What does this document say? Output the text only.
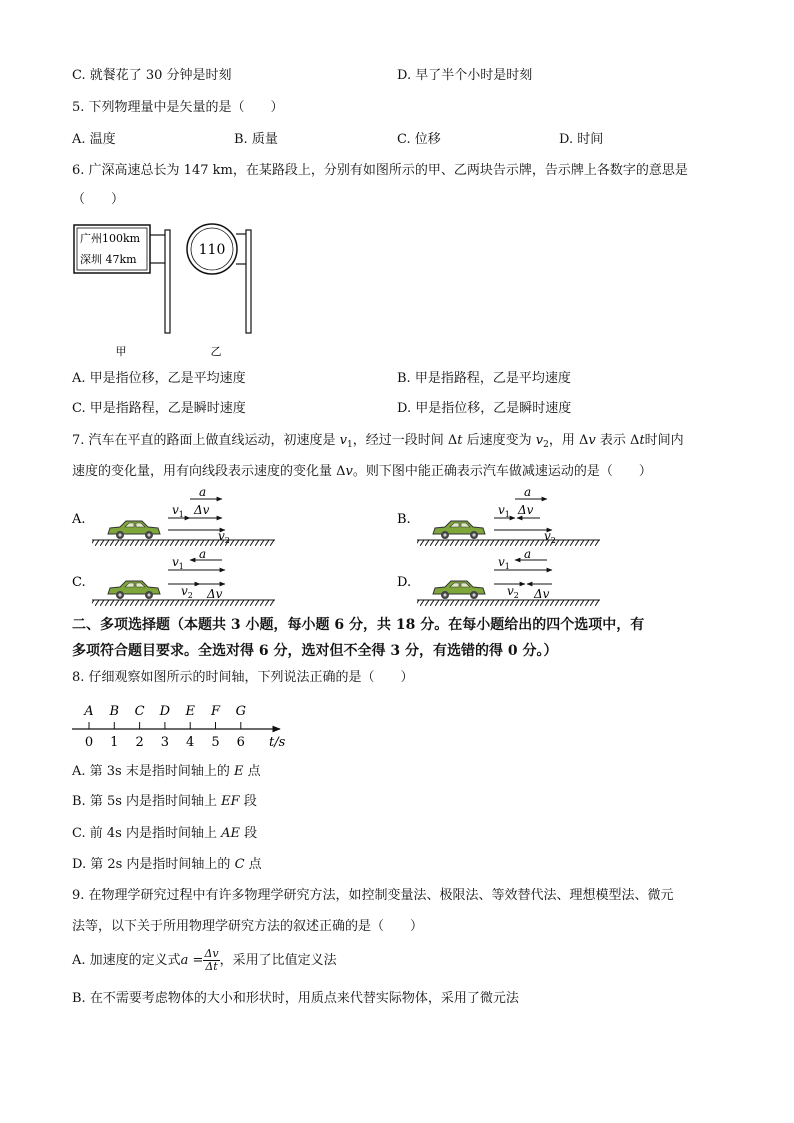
C. 就餐花了 30 分钟是时刻	D. 早了半个小时是时刻
5. 下列物理量中是矢量的是（　　）
A. 温度	B. 质量	C. 位移	D. 时间
6. 广深高速总长为 147 km，在某路段上，分别有如图所示的甲、乙两块告示牌，告示牌上各数字的意思是
（　　）
广州100km
深圳 47km
110
甲	乙
A. 甲是指位移，乙是平均速度	B. 甲是指路程，乙是平均速度
C. 甲是指路程，乙是瞬时速度	D. 甲是指位移，乙是瞬时速度
7. 汽车在平直的路面上做直线运动，初速度是 $v_1$，经过一段时间 Δt 后速度变为 $v_2$，用 Δv 表示 Δt时间内
速度的变化量，用有向线段表示速度的变化量 Δv。则下图中能正确表示汽车做减速运动的是（　　）
A.
a
$v_1$ Δv
$v_2$
B.
a
$v_1$ Δv
$v_2$
C.
a
$v_1$
$v_2$ Δv
D.
a
$v_1$
$v_2$ Δv
二、多项选择题（本题共 3 小题，每小题 6 分，共 18 分。在每小题给出的四个选项中，有
多项符合题目要求。全选对得 6 分，选对但不全得 3 分，有选错的得 0 分。）
8. 仔细观察如图所示的时间轴，下列说法正确的是（　　）
A
0
B
1
C
2
D
3
E
4
F
5
G
6 t/s
A. 第 3s 末是指时间轴上的 E 点
B. 第 5s 内是指时间轴上 EF 段
C. 前 4s 内是指时间轴上 AE 段
D. 第 2s 内是指时间轴上的 C 点
9. 在物理学研究过程中有许多物理学研究方法，如控制变量法、极限法、等效替代法、理想模型法、微元
法等，以下关于所用物理学研究方法的叙述正确的是（　　）
A. 加速度的定义式$a = \frac{\Delta v}{\Delta t}$ ，采用了比值定义法
B. 在不需要考虑物体的大小和形状时，用质点来代替实际物体，采用了微元法
